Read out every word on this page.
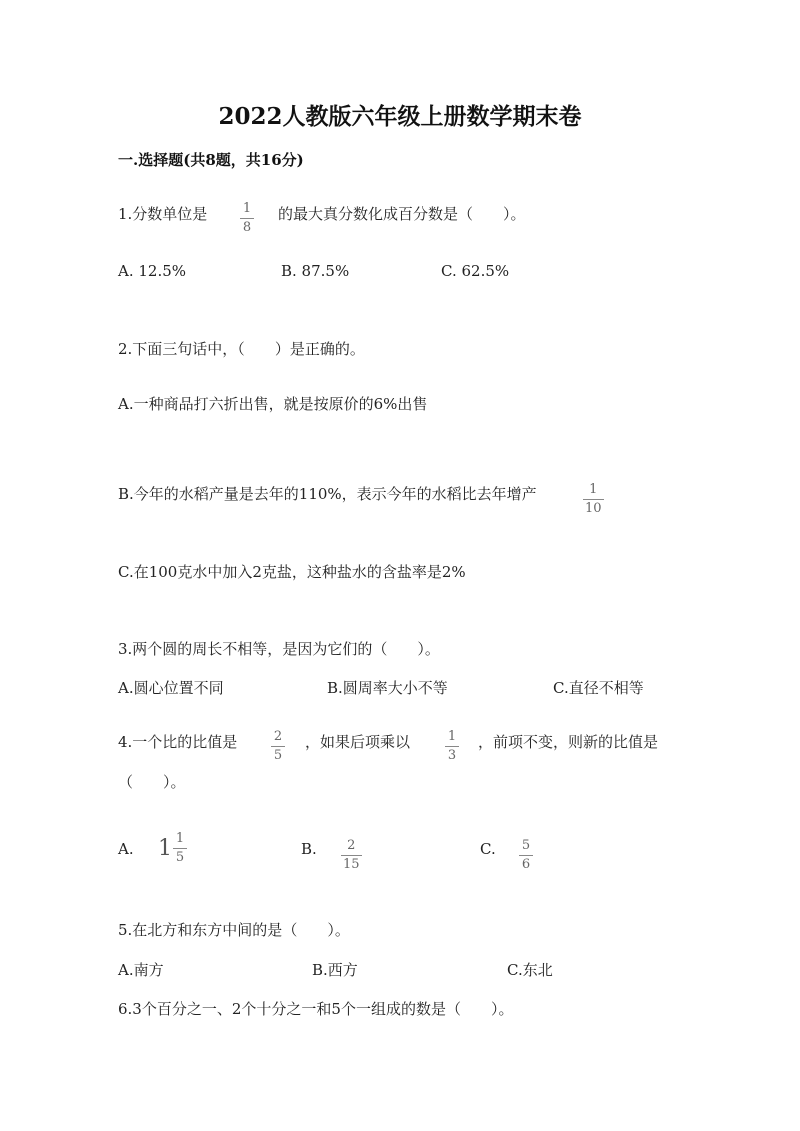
2022人教版六年级上册数学期末卷
一.选择题(共8题，共16分)
1.分数单位是	$\frac{1}{8}$ 的最大真分数化成百分数是（　　）。
A. 12.5%	B. 87.5%	C. 62.5%
2.下面三句话中，（　　）是正确的。
A.一种商品打六折出售，就是按原价的6%出售
B.今年的水稻产量是去年的110%，表示今年的水稻比去年增产	$\frac{1}{10}$
C.在100克水中加入2克盐，这种盐水的含盐率是2%
3.两个圆的周长不相等，是因为它们的（　　）。
A.圆心位置不同	B.圆周率大小不等	C.直径不相等
4.一个比的比值是	$\frac{2}{5}$ ，如果后项乘以	$\frac{1}{3}$ ，前项不变，则新的比值是
（　　）。
A. $1 \frac{1}{5}$	B. $\frac{2}{15}$	C. $\frac{5}{6}$
5.在北方和东方中间的是（　　）。
A.南方	B.西方	C.东北
6.3个百分之一、2个十分之一和5个一组成的数是（　　）。
